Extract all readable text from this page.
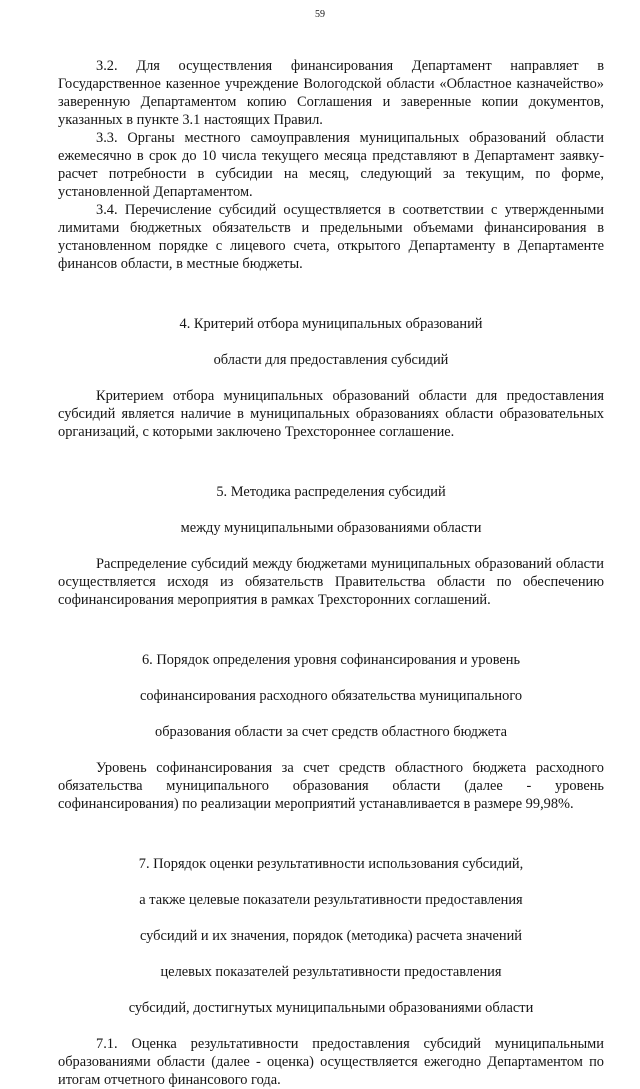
59

3.2. Для осуществления финансирования Департамент направляет в Государственное казенное учреждение Вологодской области «Областное казначейство» заверенную Департаментом копию Соглашения и заверенные копии документов, указанных в пункте 3.1 настоящих Правил.

3.3. Органы местного самоуправления муниципальных образований области ежемесячно в срок до 10 числа текущего месяца представляют в Департамент заявку-расчет потребности в субсидии на месяц, следующий за текущим, по форме, установленной Департаментом.

3.4. Перечисление субсидий осуществляется в соответствии с утвержденными лимитами бюджетных обязательств и предельными объемами финансирования в установленном порядке с лицевого счета, открытого Департаменту в Департаменте финансов области, в местные бюджеты.

4. Критерий отбора муниципальных образований

области для предоставления субсидий

Критерием отбора муниципальных образований области для предоставления субсидий является наличие в муниципальных образованиях области образовательных организаций, с которыми заключено Трехстороннее соглашение.

5. Методика распределения субсидий

между муниципальными образованиями области

Распределение субсидий между бюджетами муниципальных образований области осуществляется исходя из обязательств Правительства области по обеспечению софинансирования мероприятия в рамках Трехсторонних соглашений.

6. Порядок определения уровня софинансирования и уровень

софинансирования расходного обязательства муниципального

образования области за счет средств областного бюджета

Уровень софинансирования за счет средств областного бюджета расходного обязательства муниципального образования области (далее - уровень софинансирования) по реализации мероприятий устанавливается в размере 99,98%.

7. Порядок оценки результативности использования субсидий,

а также целевые показатели результативности предоставления

субсидий и их значения, порядок (методика) расчета значений

целевых показателей результативности предоставления

субсидий, достигнутых муниципальными образованиями области

7.1. Оценка результативности предоставления субсидий муниципальными образованиями области (далее - оценка) осуществляется ежегодно Департаментом по итогам отчетного финансового года.
